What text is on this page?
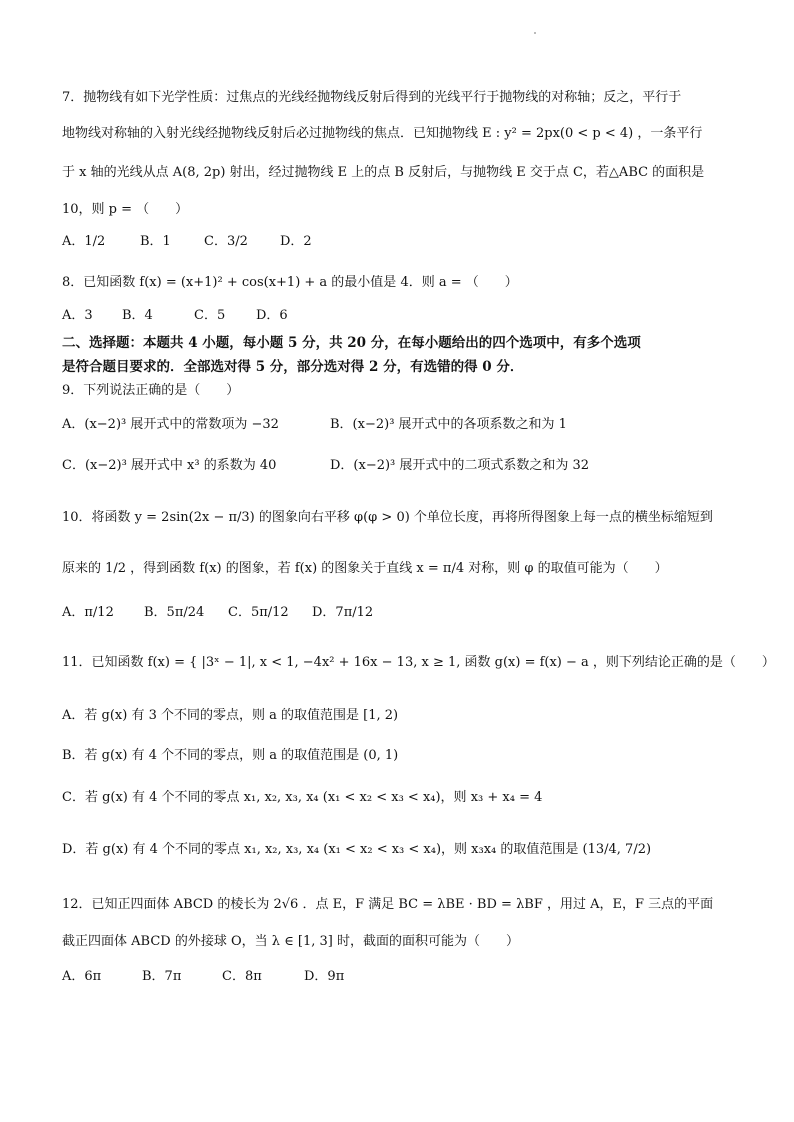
7．抛物线有如下光学性质：过焦点的光线经抛物线反射后得到的光线平行于抛物线的对称轴；反之，平行于
地物线对称轴的入射光线经抛物线反射后必过抛物线的焦点．已知抛物线 E : y² = 2px(0 < p < 4) ，一条平行
于 x 轴的光线从点 A(8, 2p) 射出，经过抛物线 E 上的点 B 反射后，与抛物线 E 交于点 C，若△ABC 的面积是
10，则 p = （　　）
A．1/2	B．1	C．3/2 D．2
8．已知函数 f(x) = (x+1)² + cos(x+1) + a 的最小值是 4．则 a = （　　）
A．3 B．4	C．5 D．6
二、选择题：本题共 4 小题，每小题 5 分，共 20 分，在每小题给出的四个选项中，有多个选项
是符合题目要求的．全部选对得 5 分，部分选对得 2 分，有选错的得 0 分．
9．下列说法正确的是（　　）
A．(x−2)³ 展开式中的常数项为 −32	B．(x−2)³ 展开式中的各项系数之和为 1
C．(x−2)³ 展开式中 x³ 的系数为 40	D．(x−2)³ 展开式中的二项式系数之和为 32
10．将函数 y = 2sin(2x − π/3) 的图象向右平移 φ(φ > 0) 个单位长度，再将所得图象上每一点的横坐标缩短到
原来的 1/2 ，得到函数 f(x) 的图象，若 f(x) 的图象关于直线 x = π/4 对称，则 φ 的取值可能为（　　）
A．π/12 B．5π/24 C．5π/12 D．7π/12
11．已知函数 f(x) = { |3ˣ − 1|, x < 1, −4x² + 16x − 13, x ≥ 1, 函数 g(x) = f(x) − a ，则下列结论正确的是（　　）
A．若 g(x) 有 3 个不同的零点，则 a 的取值范围是 [1, 2)
B．若 g(x) 有 4 个不同的零点，则 a 的取值范围是 (0, 1)
C．若 g(x) 有 4 个不同的零点 x₁, x₂, x₃, x₄ (x₁ < x₂ < x₃ < x₄)，则 x₃ + x₄ = 4
D．若 g(x) 有 4 个不同的零点 x₁, x₂, x₃, x₄ (x₁ < x₂ < x₃ < x₄)，则 x₃x₄ 的取值范围是 (13/4, 7/2)
12．已知正四面体 ABCD 的棱长为 2√6 ．点 E，F 满足 BC = λBE · BD = λBF ，用过 A，E，F 三点的平面
截正四面体 ABCD 的外接球 O，当 λ ∈ [1, 3] 时，截面的面积可能为（　　）
A．6π	B．7π	C．8π	D．9π
